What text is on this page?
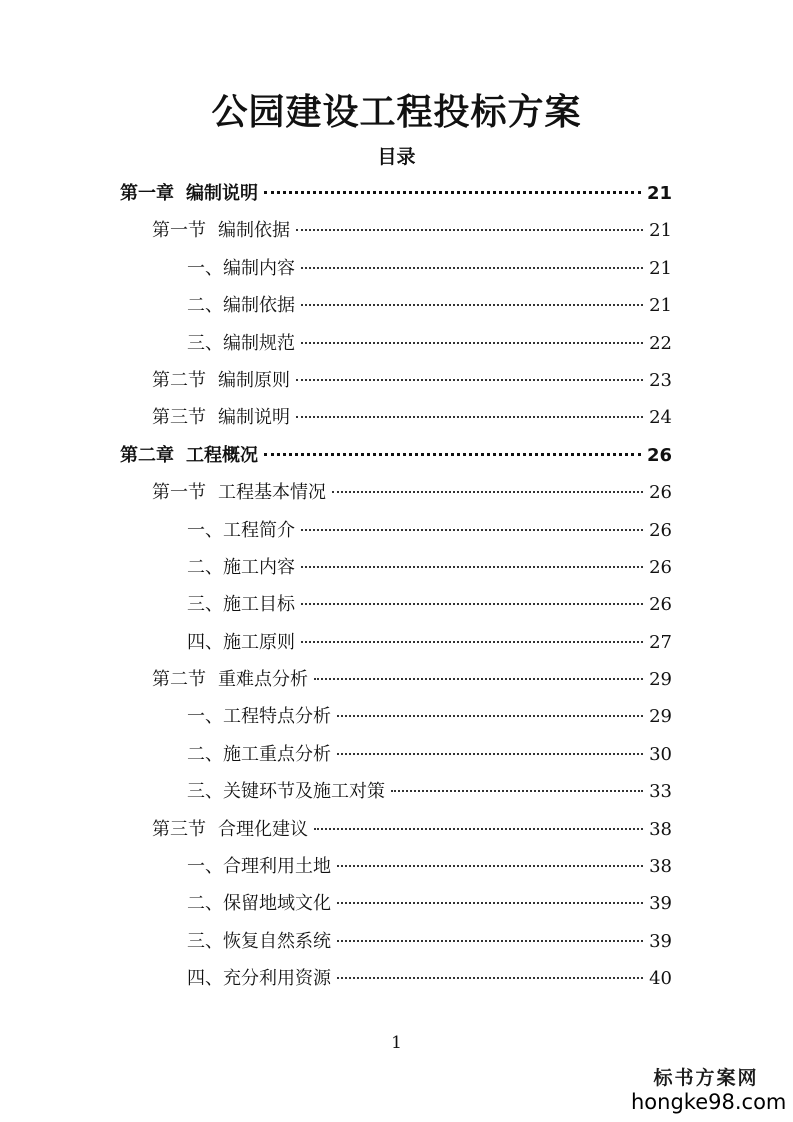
公园建设工程投标方案
目录
第一章 编制说明	21
第一节 编制依据	21
一、编制内容	21
二、编制依据	21
三、编制规范	22
第二节 编制原则	23
第三节 编制说明	24
第二章 工程概况	26
第一节 工程基本情况	26
一、工程简介	26
二、施工内容	26
三、施工目标	26
四、施工原则	27
第二节 重难点分析	29
一、工程特点分析	29
二、施工重点分析	30
三、关键环节及施工对策	33
第三节 合理化建议	38
一、合理利用土地	38
二、保留地域文化	39
三、恢复自然系统	39
四、充分利用资源	40
1
标书方案网
hongke98.com
